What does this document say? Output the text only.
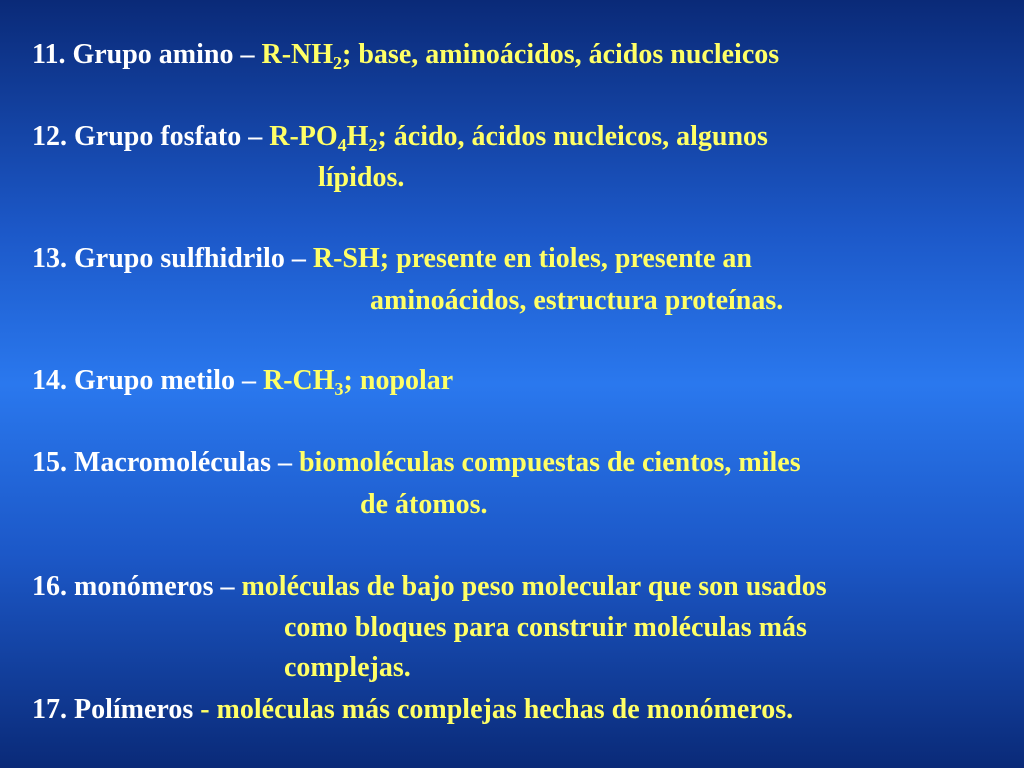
11. Grupo amino – $R-NH_2$; base, aminoácidos, ácidos nucleicos
12. Grupo fosfato – $R-PO_4H_2$; ácido, ácidos nucleicos, algunos
lípidos.
13. Grupo sulfhidrilo – R-SH; presente en tioles, presente an
aminoácidos, estructura proteínas.
14. Grupo metilo – $R-CH_3$; nopolar
15. Macromoléculas – biomoléculas compuestas de cientos, miles
de átomos.
16. monómeros – moléculas de bajo peso molecular que son usados
como bloques para construir moléculas más
complejas.
17. Polímeros - moléculas más complejas hechas de monómeros.
